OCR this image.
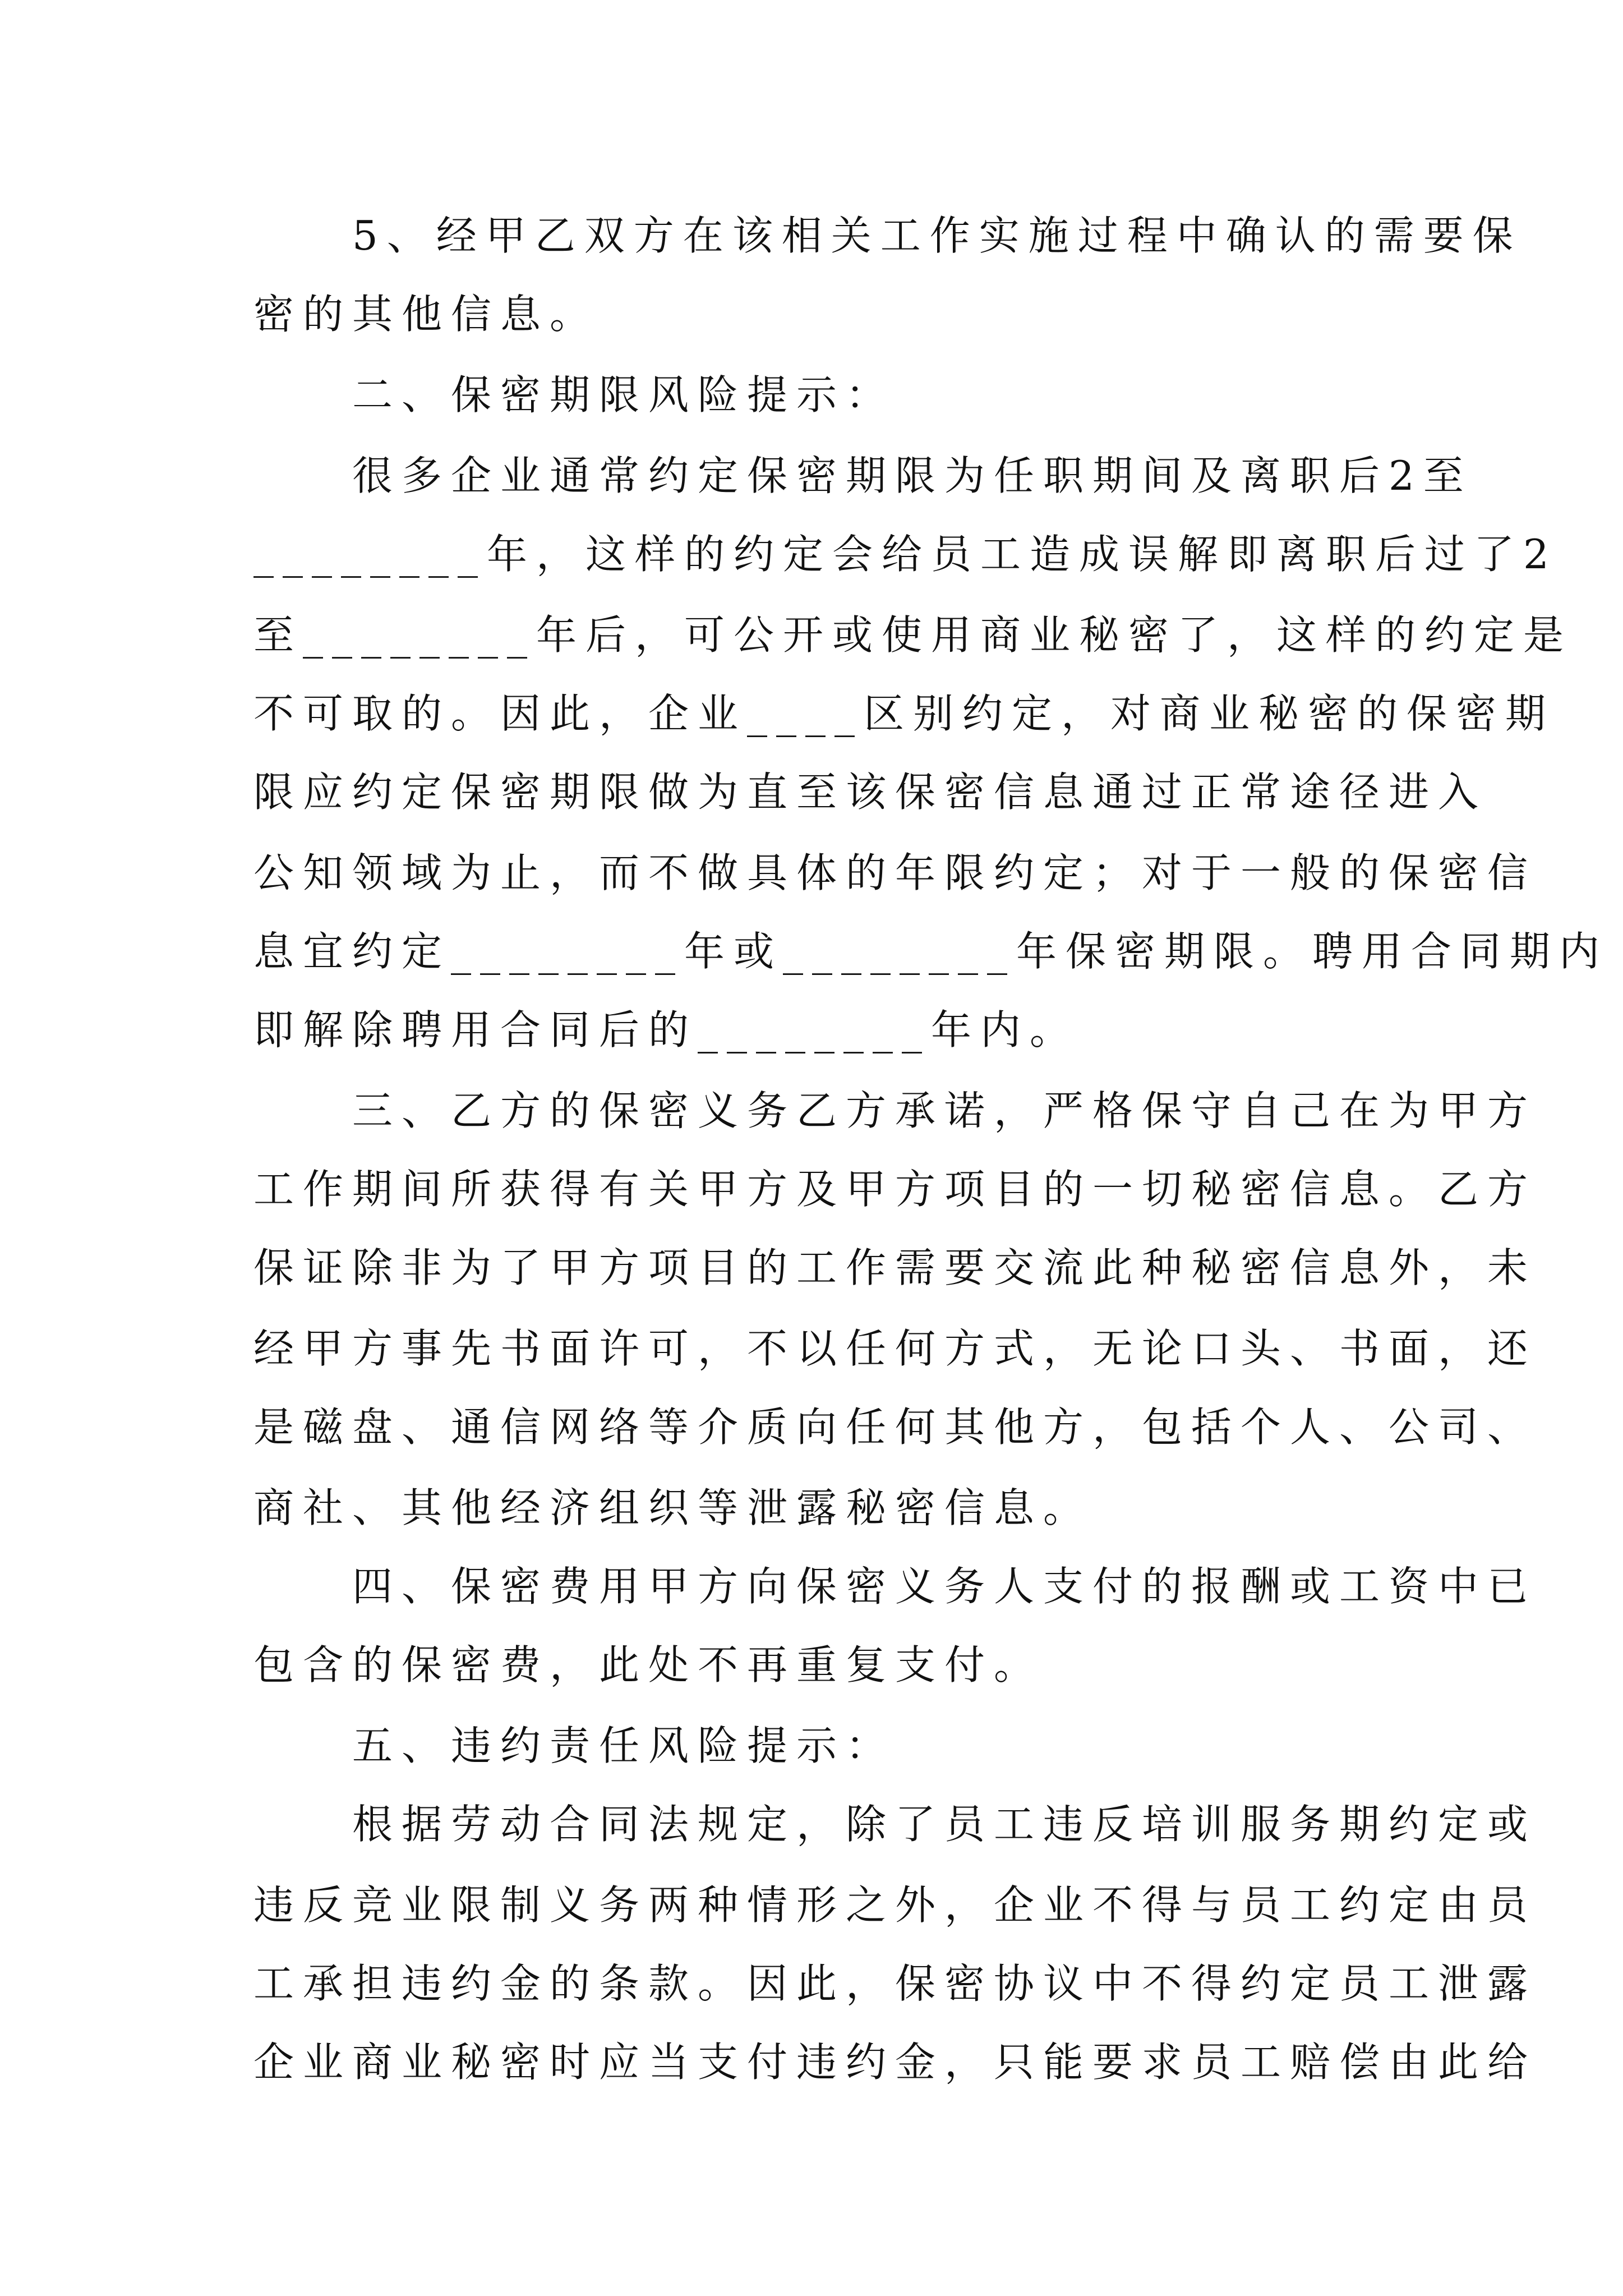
　　5、经甲乙双方在该相关工作实施过程中确认的需要保
密的其他信息。
　　二、保密期限风险提示：
　　很多企业通常约定保密期限为任职期间及离职后2至
________年，这样的约定会给员工造成误解即离职后过了2
至________年后，可公开或使用商业秘密了，这样的约定是
不可取的。因此，企业____区别约定，对商业秘密的保密期
限应约定保密期限做为直至该保密信息通过正常途径进入
公知领域为止，而不做具体的年限约定；对于一般的保密信
息宜约定________年或________年保密期限。聘用合同期内
即解除聘用合同后的________年内。
　　三、乙方的保密义务乙方承诺，严格保守自己在为甲方
工作期间所获得有关甲方及甲方项目的一切秘密信息。乙方
保证除非为了甲方项目的工作需要交流此种秘密信息外，未
经甲方事先书面许可，不以任何方式，无论口头、书面，还
是磁盘、通信网络等介质向任何其他方，包括个人、公司、
商社、其他经济组织等泄露秘密信息。
　　四、保密费用甲方向保密义务人支付的报酬或工资中已
包含的保密费，此处不再重复支付。
　　五、违约责任风险提示：
　　根据劳动合同法规定，除了员工违反培训服务期约定或
违反竞业限制义务两种情形之外，企业不得与员工约定由员
工承担违约金的条款。因此，保密协议中不得约定员工泄露
企业商业秘密时应当支付违约金，只能要求员工赔偿由此给
